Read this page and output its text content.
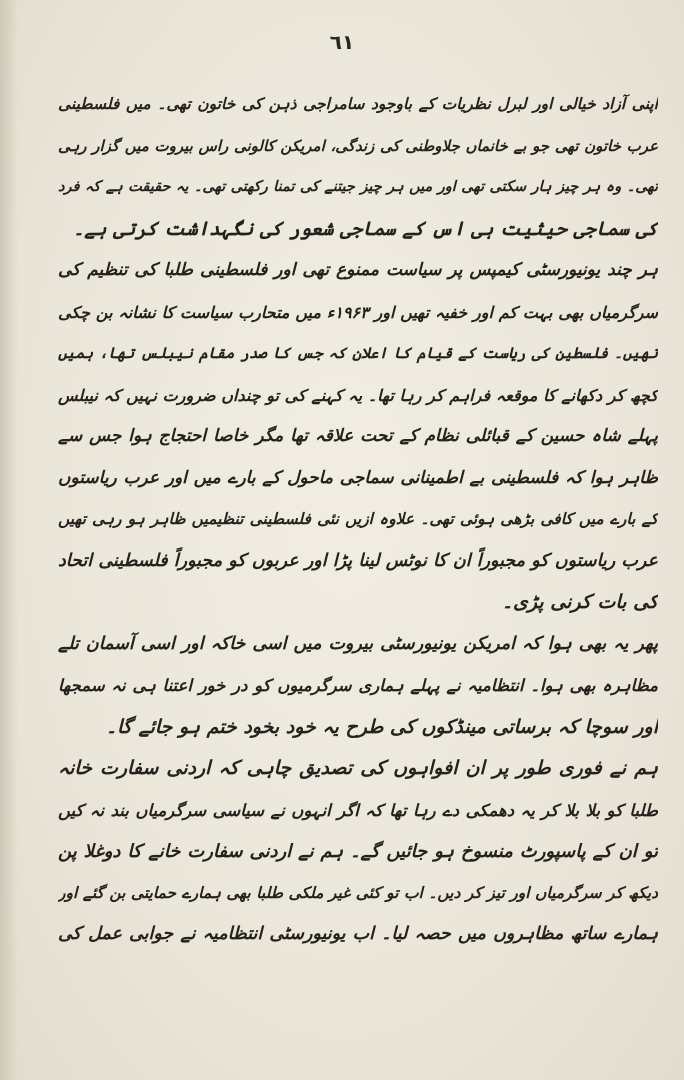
٦١
اپنی آزاد خیالی اور لبرل نظریات کے باوجود سامراجی ذہن کی خاتون تھی۔ میں فلسطینی
عرب خاتون تھی جو بے خانماں جلاوطنی کی زندگی، امریکن کالونی راس بیروت میں گزار رہی
تھی۔ وہ ہر چیز ہار سکتی تھی اور میں ہر چیز جیتنے کی تمنا رکھتی تھی۔ یہ حقیقت ہے کہ فرد
کی سماجی حیثیت ہی اس کے سماجی شعور کی نگہداشت کرتی ہے۔
ہر چند یونیورسٹی کیمپس پر سیاست ممنوع تھی اور فلسطینی طلبا کی تنظیم کی
سرگرمیاں بھی بہت کم اور خفیہ تھیں اور ۱۹۶۳ء میں متحارب سیاست کا نشانہ بن چکی
تھیں۔ فلسطین کی ریاست کے قیام کا اعلان کہ جس کا صدر مقام نیبلس تھا، ہمیں
کچھ کر دکھانے کا موقعہ فراہم کر رہا تھا۔ یہ کہنے کی تو چنداں ضرورت نہیں کہ نیبلس
پہلے شاہ حسین کے قبائلی نظام کے تحت علاقہ تھا مگر خاصا احتجاج ہوا جس سے
ظاہر ہوا کہ فلسطینی بے اطمینانی سماجی ماحول کے بارے میں اور عرب ریاستوں
کے بارے میں کافی بڑھی ہوئی تھی۔ علاوہ ازیں نئی فلسطینی تنظیمیں ظاہر ہو رہی تھیں
عرب ریاستوں کو مجبوراً ان کا نوٹس لینا پڑا اور عربوں کو مجبوراً فلسطینی اتحاد
کی بات کرنی پڑی۔
پھر یہ بھی ہوا کہ امریکن یونیورسٹی بیروت میں اسی خاکہ اور اسی آسمان تلے
مظاہرہ بھی ہوا۔ انتظامیہ نے پہلے ہماری سرگرمیوں کو در خور اعتنا ہی نہ سمجھا
اور سوچا کہ برساتی مینڈکوں کی طرح یہ خود بخود ختم ہو جائے گا۔
ہم نے فوری طور پر ان افواہوں کی تصدیق چاہی کہ اردنی سفارت خانہ
طلبا کو بلا بلا کر یہ دھمکی دے رہا تھا کہ اگر انہوں نے سیاسی سرگرمیاں بند نہ کیں
تو ان کے پاسپورٹ منسوخ ہو جائیں گے۔ ہم نے اردنی سفارت خانے کا دوغلا پن
دیکھ کر سرگرمیاں اور تیز کر دیں۔ اب تو کئی غیر ملکی طلبا بھی ہمارے حمایتی بن گئے اور
ہمارے ساتھ مظاہروں میں حصہ لیا۔ اب یونیورسٹی انتظامیہ نے جوابی عمل کی
